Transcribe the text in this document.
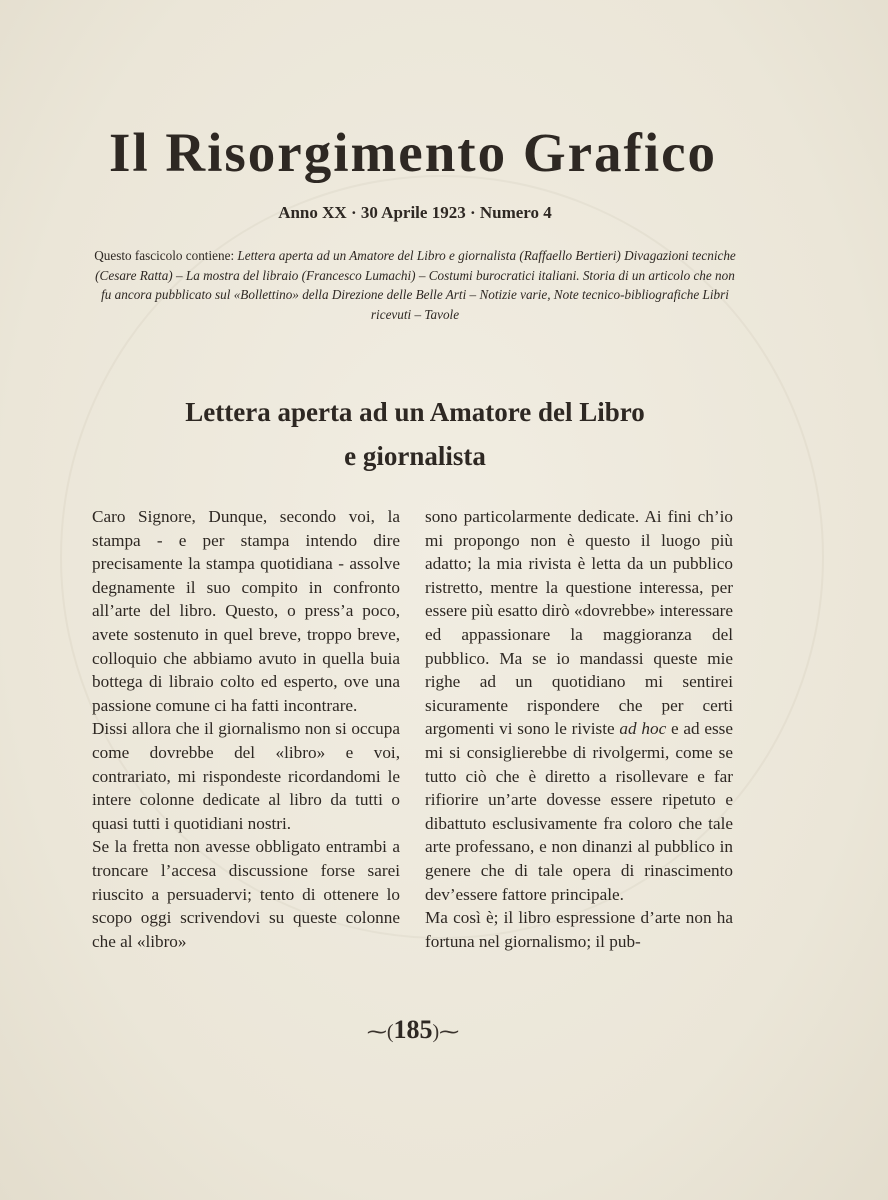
Il Risorgimento Grafico
Anno XX · 30 Aprile 1923 · Numero 4
Questo fascicolo contiene: Lettera aperta ad un Amatore del Libro e giornalista (Raffaello Bertieri) Divagazioni tecniche (Cesare Ratta) – La mostra del libraio (Francesco Lumachi) – Costumi burocratici italiani. Storia di un articolo che non fu ancora pubblicato sul «Bollettino» della Direzione delle Belle Arti – Notizie varie, Note tecnico-bibliografiche Libri ricevuti – Tavole
Lettera aperta ad un Amatore del Libro
e giornalista

Caro Signore, Dunque, secondo voi, la stampa - e per stampa intendo dire precisamente la stampa quotidiana - assolve degnamente il suo compito in confronto all’arte del libro. Questo, o press’a poco, avete sostenuto in quel breve, troppo breve, colloquio che abbiamo avuto in quella buia bottega di libraio colto ed esperto, ove una passione comune ci ha fatti incontrare.

Dissi allora che il giornalismo non si occupa come dovrebbe del «libro» e voi, contrariato, mi rispondeste ricordandomi le intere colonne dedicate al libro da tutti o quasi tutti i quotidiani nostri.

Se la fretta non avesse obbligato entrambi a troncare l’accesa discussione forse sarei riuscito a persuadervi; tento di ottenere lo scopo oggi scrivendovi su queste colonne che al «libro»

sono particolarmente dedicate. Ai fini ch’io mi propongo non è questo il luogo più adatto; la mia rivista è letta da un pubblico ristretto, mentre la questione interessa, per essere più esatto dirò «dovrebbe» interessare ed appassionare la maggioranza del pubblico. Ma se io mandassi queste mie righe ad un quotidiano mi sentirei sicuramente rispondere che per certi argomenti vi sono le riviste ad hoc e ad esse mi si consiglierebbe di rivolgermi, come se tutto ciò che è diretto a risollevare e far rifiorire un’arte dovesse essere ripetuto e dibattuto esclusivamente fra coloro che tale arte professano, e non dinanzi al pubblico in genere che di tale opera di rinascimento dev’essere fattore principale.

Ma così è; il libro espressione d’arte non ha fortuna nel giornalismo; il pub-

⁓(185)⁓
